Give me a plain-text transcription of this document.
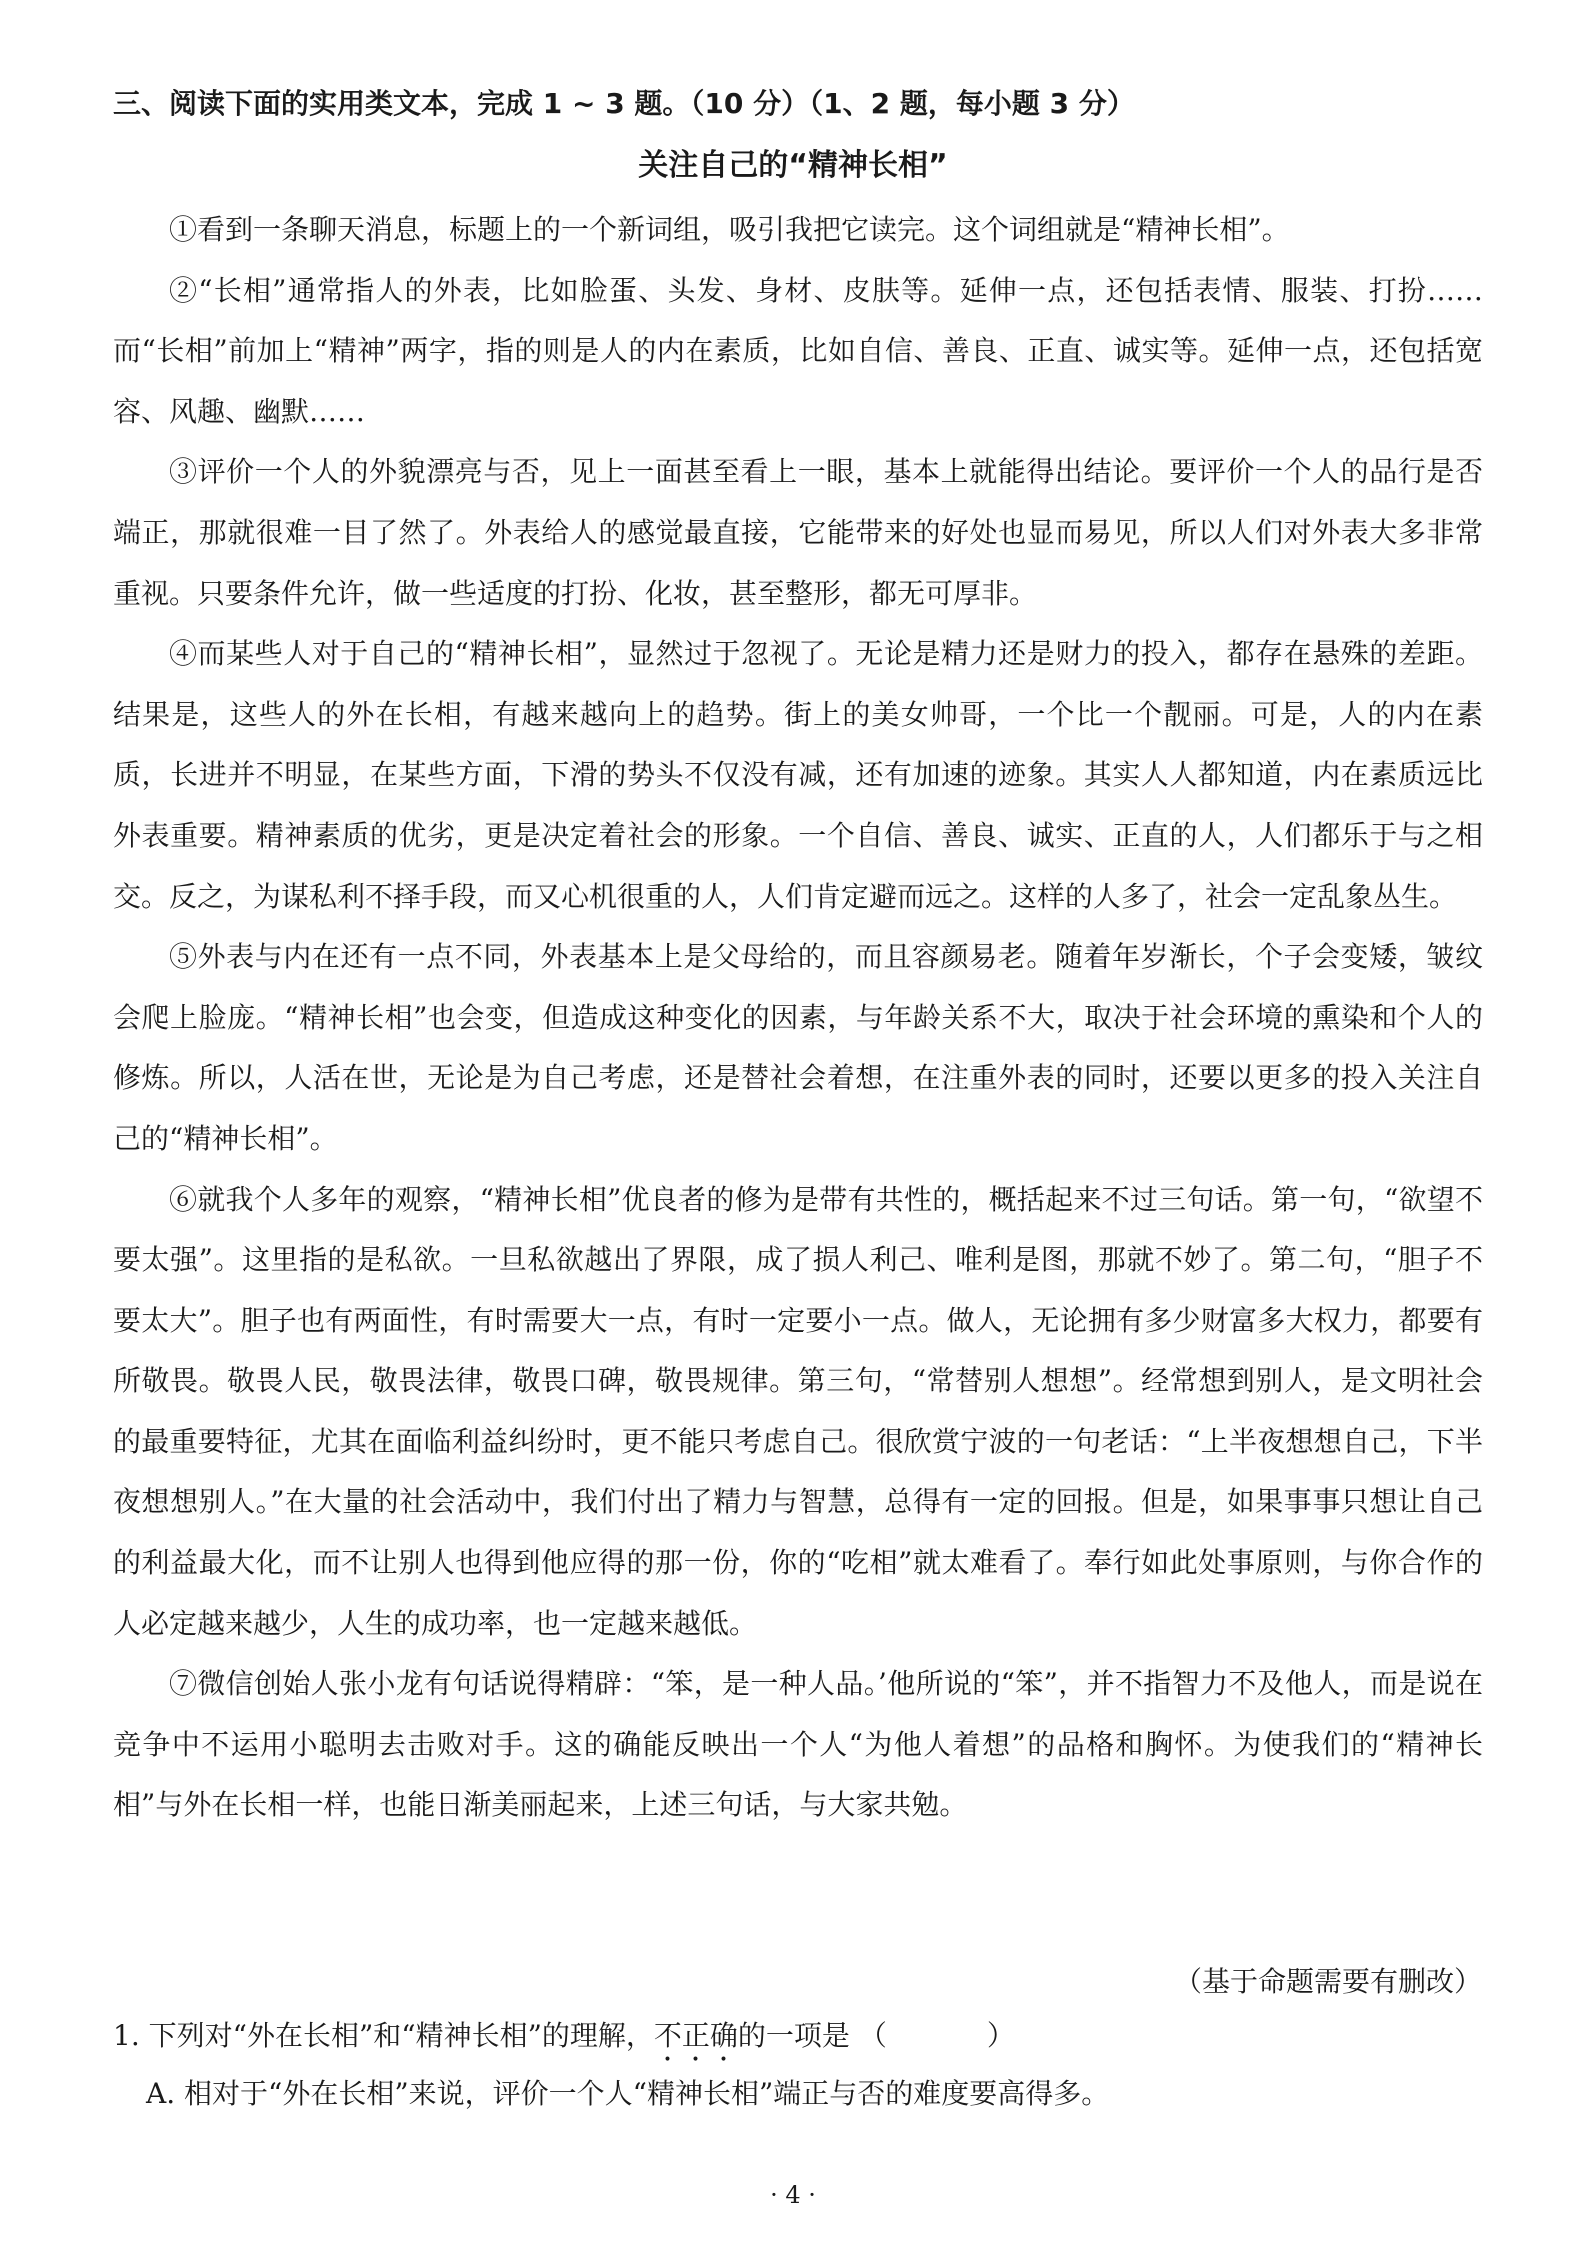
三、阅读下面的实用类文本，完成 1 ~ 3 题。（10 分）（1、2 题，每小题 3 分）
关注自己的“精神长相”

①看到一条聊天消息，标题上的一个新词组，吸引我把它读完。这个词组就是“精神长相”。

②“长相”通常指人的外表，比如脸蛋、头发、身材、皮肤等。延伸一点，还包括表情、服装、打扮……而“长相”前加上“精神”两字，指的则是人的内在素质，比如自信、善良、正直、诚实等。延伸一点，还包括宽容、风趣、幽默……

③评价一个人的外貌漂亮与否，见上一面甚至看上一眼，基本上就能得出结论。要评价一个人的品行是否端正，那就很难一目了然了。外表给人的感觉最直接，它能带来的好处也显而易见，所以人们对外表大多非常重视。只要条件允许，做一些适度的打扮、化妆，甚至整形，都无可厚非。

④而某些人对于自己的“精神长相”，显然过于忽视了。无论是精力还是财力的投入，都存在悬殊的差距。结果是，这些人的外在长相，有越来越向上的趋势。街上的美女帅哥，一个比一个靓丽。可是，人的内在素质，长进并不明显，在某些方面，下滑的势头不仅没有减，还有加速的迹象。其实人人都知道，内在素质远比外表重要。精神素质的优劣，更是决定着社会的形象。一个自信、善良、诚实、正直的人，人们都乐于与之相交。反之，为谋私利不择手段，而又心机很重的人，人们肯定避而远之。这样的人多了，社会一定乱象丛生。

⑤外表与内在还有一点不同，外表基本上是父母给的，而且容颜易老。随着年岁渐长，个子会变矮，皱纹会爬上脸庞。“精神长相”也会变，但造成这种变化的因素，与年龄关系不大，取决于社会环境的熏染和个人的修炼。所以，人活在世，无论是为自己考虑，还是替社会着想，在注重外表的同时，还要以更多的投入关注自己的“精神长相”。

⑥就我个人多年的观察，“精神长相”优良者的修为是带有共性的，概括起来不过三句话。第一句，“欲望不要太强”。这里指的是私欲。一旦私欲越出了界限，成了损人利己、唯利是图，那就不妙了。第二句，“胆子不要太大”。胆子也有两面性，有时需要大一点，有时一定要小一点。做人，无论拥有多少财富多大权力，都要有所敬畏。敬畏人民，敬畏法律，敬畏口碑，敬畏规律。第三句，“常替别人想想”。经常想到别人，是文明社会的最重要特征，尤其在面临利益纠纷时，更不能只考虑自己。很欣赏宁波的一句老话：“上半夜想想自己，下半夜想想别人。”在大量的社会活动中，我们付出了精力与智慧，总得有一定的回报。但是，如果事事只想让自己的利益最大化，而不让别人也得到他应得的那一份，你的“吃相”就太难看了。奉行如此处事原则，与你合作的人必定越来越少，人生的成功率，也一定越来越低。

⑦微信创始人张小龙有句话说得精辟：“笨，是一种人品。’他所说的“笨”，并不指智力不及他人，而是说在竞争中不运用小聪明去击败对手。这的确能反映出一个人“为他人着想”的品格和胸怀。为使我们的“精神长相”与外在长相一样，也能日渐美丽起来，上述三句话，与大家共勉。

（基于命题需要有删改）
1. 下列对“外在长相”和“精神长相”的理解，不正确的一项是 （	）
A. 相对于“外在长相”来说，评价一个人“精神长相”端正与否的难度要高得多。
· 4 ·
